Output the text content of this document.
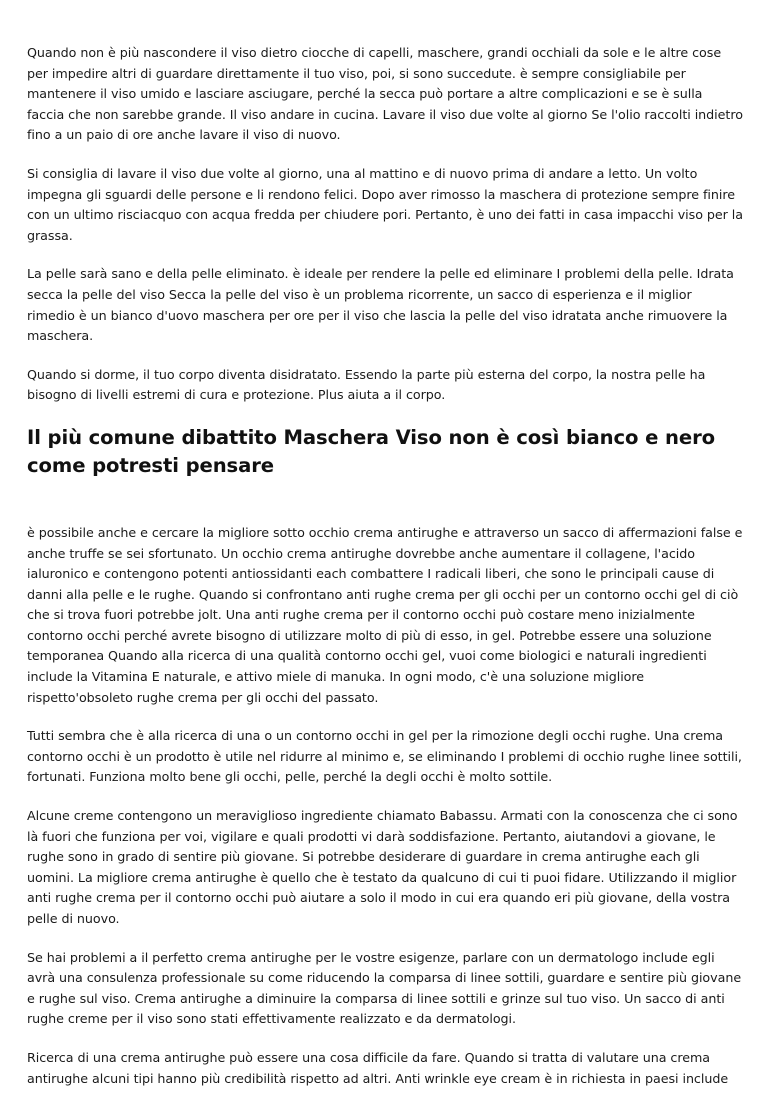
Quando non è più nascondere il viso dietro ciocche di capelli, maschere, grandi occhiali da sole e le altre cose per impedire altri di guardare direttamente il tuo viso, poi, si sono succedute. è sempre consigliabile per mantenere il viso umido e lasciare asciugare, perché la secca può portare a altre complicazioni e se è sulla faccia che non sarebbe grande. Il viso andare in cucina. Lavare il viso due volte al giorno Se l'olio raccolti indietro fino a un paio di ore anche lavare il viso di nuovo.

Si consiglia di lavare il viso due volte al giorno, una al mattino e di nuovo prima di andare a letto. Un volto impegna gli sguardi delle persone e li rendono felici. Dopo aver rimosso la maschera di protezione sempre finire con un ultimo risciacquo con acqua fredda per chiudere pori. Pertanto, è uno dei fatti in casa impacchi viso per la grassa.

La pelle sarà sano e della pelle eliminato. è ideale per rendere la pelle ed eliminare I problemi della pelle. Idrata secca la pelle del viso Secca la pelle del viso è un problema ricorrente, un sacco di esperienza e il miglior rimedio è un bianco d'uovo maschera per ore per il viso che lascia la pelle del viso idratata anche rimuovere la maschera.

Quando si dorme, il tuo corpo diventa disidratato. Essendo la parte più esterna del corpo, la nostra pelle ha bisogno di livelli estremi di cura e protezione. Plus aiuta a il corpo.

Il più comune dibattito Maschera Viso non è così bianco e nero come potresti pensare

è possibile anche e cercare la migliore sotto occhio crema antirughe e attraverso un sacco di affermazioni false e anche truffe se sei sfortunato. Un occhio crema antirughe dovrebbe anche aumentare il collagene, l'acido ialuronico e contengono potenti antiossidanti each combattere I radicali liberi, che sono le principali cause di danni alla pelle e le rughe. Quando si confrontano anti rughe crema per gli occhi per un contorno occhi gel di ciò che si trova fuori potrebbe jolt. Una anti rughe crema per il contorno occhi può costare meno inizialmente contorno occhi perché avrete bisogno di utilizzare molto di più di esso, in gel. Potrebbe essere una soluzione temporanea Quando alla ricerca di una qualità contorno occhi gel, vuoi come biologici e naturali ingredienti include la Vitamina E naturale, e attivo miele di manuka. In ogni modo, c'è una soluzione migliore rispetto'obsoleto rughe crema per gli occhi del passato.

Tutti sembra che è alla ricerca di una o un contorno occhi in gel per la rimozione degli occhi rughe. Una crema contorno occhi è un prodotto è utile nel ridurre al minimo e, se eliminando I problemi di occhio rughe linee sottili, fortunati. Funziona molto bene gli occhi, pelle, perché la degli occhi è molto sottile.

Alcune creme contengono un meraviglioso ingrediente chiamato Babassu. Armati con la conoscenza che ci sono là fuori che funziona per voi, vigilare e quali prodotti vi darà soddisfazione. Pertanto, aiutandovi a giovane, le rughe sono in grado di sentire più giovane. Si potrebbe desiderare di guardare in crema antirughe each gli uomini. La migliore crema antirughe è quello che è testato da qualcuno di cui ti puoi fidare. Utilizzando il miglior anti rughe crema per il contorno occhi può aiutare a solo il modo in cui era quando eri più giovane, della vostra pelle di nuovo.

Se hai problemi a il perfetto crema antirughe per le vostre esigenze, parlare con un dermatologo include egli avrà una consulenza professionale su come riducendo la comparsa di linee sottili, guardare e sentire più giovane e rughe sul viso. Crema antirughe a diminuire la comparsa di linee sottili e grinze sul tuo viso. Un sacco di anti rughe creme per il viso sono stati effettivamente realizzato e da dermatologi.

Ricerca di una crema antirughe può essere una cosa difficile da fare. Quando si tratta di valutare una crema antirughe alcuni tipi hanno più credibilità rispetto ad altri. Anti wrinkle eye cream è in richiesta in paesi include
